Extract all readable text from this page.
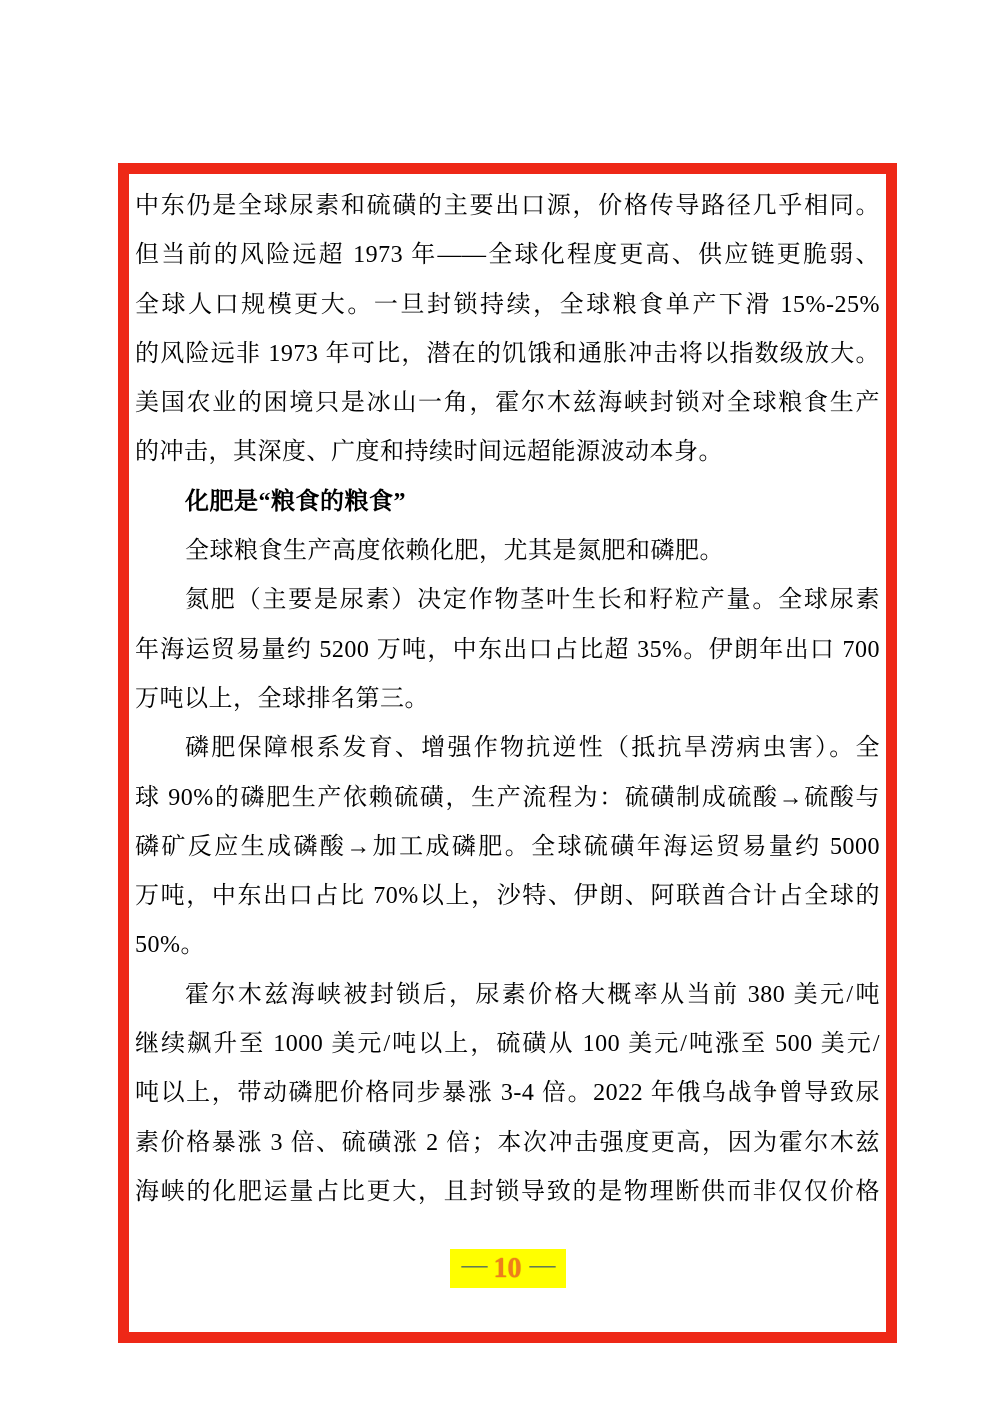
中东仍是全球尿素和硫磺的主要出口源，价格传导路径几乎相同。
但当前的风险远超 1973 年——全球化程度更高、供应链更脆弱、
全球人口规模更大。一旦封锁持续，全球粮食单产下滑 15%-25%
的风险远非 1973 年可比，潜在的饥饿和通胀冲击将以指数级放大。
美国农业的困境只是冰山一角，霍尔木兹海峡封锁对全球粮食生产
的冲击，其深度、广度和持续时间远超能源波动本身。
化肥是“粮食的粮食”
全球粮食生产高度依赖化肥，尤其是氮肥和磷肥。
氮肥（主要是尿素）决定作物茎叶生长和籽粒产量。全球尿素
年海运贸易量约 5200 万吨，中东出口占比超 35%。伊朗年出口 700
万吨以上，全球排名第三。
磷肥保障根系发育、增强作物抗逆性（抵抗旱涝病虫害）。全
球 90%的磷肥生产依赖硫磺，生产流程为：硫磺制成硫酸→硫酸与
磷矿反应生成磷酸→加工成磷肥。全球硫磺年海运贸易量约 5000
万吨，中东出口占比 70%以上，沙特、伊朗、阿联酋合计占全球的
50%。
霍尔木兹海峡被封锁后，尿素价格大概率从当前 380 美元/吨
继续飙升至 1000 美元/吨以上，硫磺从 100 美元/吨涨至 500 美元/
吨以上，带动磷肥价格同步暴涨 3-4 倍。2022 年俄乌战争曾导致尿
素价格暴涨 3 倍、硫磺涨 2 倍；本次冲击强度更高，因为霍尔木兹
海峡的化肥运量占比更大，且封锁导致的是物理断供而非仅仅价格
— 10 —
